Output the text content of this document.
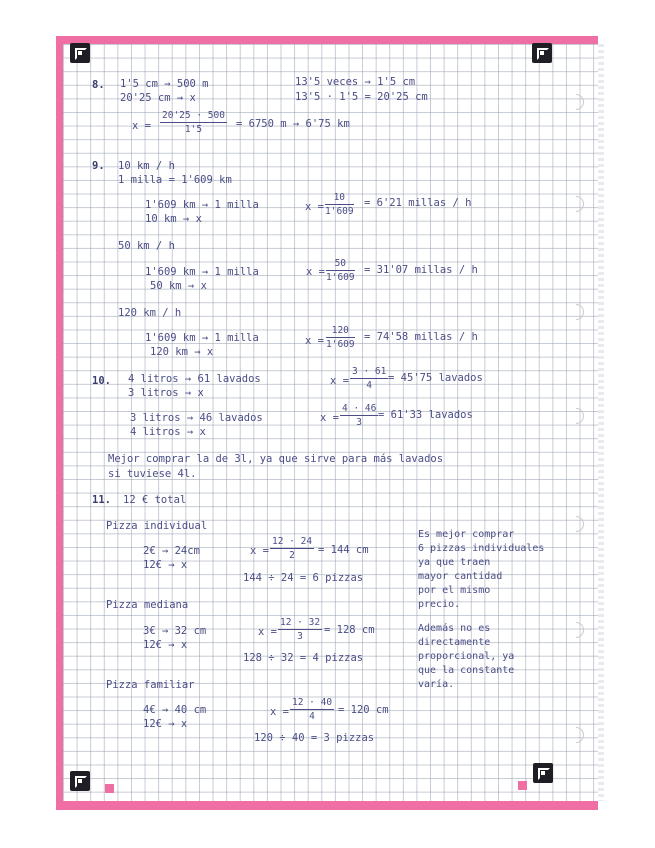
8. 1'5 cm → 500 m
20'25 cm → x
13'5 veces → 1'5 cm
13'5 · 1'5 = 20'25 cm
$x = \frac{20'25 \cdot 500}{1'5} = 6750$ m → 6'75 km
9. 10 km / h
1 milla = 1'609 km
1'609 km → 1 milla
10 km → x
$x = \frac{10}{1'609} = 6'21$ millas / h
50 km / h
1'609 km → 1 milla
50 km → x
$x = \frac{50}{1'609} = 31'07$ millas / h
120 km / h
1'609 km → 1 milla
120 km → x
$x = \frac{120}{1'609} = 74'58$ millas / h
10. 4 litros → 61 lavados
3 litros → x
$x = \frac{3 \cdot 61}{4} = 45'75$ lavados
3 litros → 46 lavados
4 litros → x
$x = \frac{4 \cdot 46}{3} = 61'33$ lavados
Mejor comprar la de 3l, ya que sirve para más lavados
si tuviese 4l.
11. 12 € total
Pizza individual
2€ → 24cm
12€ → x
$x = \frac{12 \cdot 24}{2} = 144$ cm
144 ÷ 24 = 6 pizzas
Pizza mediana
3€ → 32 cm
12€ → x
$x = \frac{12 \cdot 32}{3} = 128$ cm
128 ÷ 32 = 4 pizzas
Pizza familiar
4€ → 40 cm
12€ → x
$x = \frac{12 \cdot 40}{4} = 120$ cm
120 ÷ 40 = 3 pizzas
Es mejor comprar
6 pizzas individuales
ya que traen
mayor cantidad
por el mismo
precio.
Además no es
directamente
proporcional, ya
que la constante
varía.
